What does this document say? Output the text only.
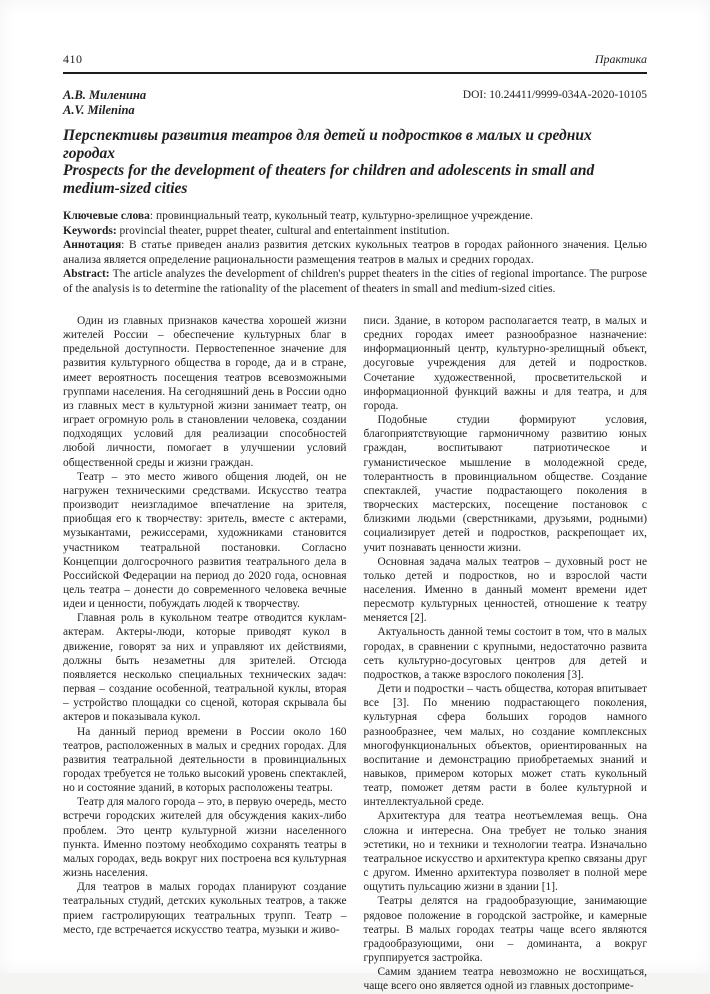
410	Практика
А.В. Миленина
A.V. Milenina
DOI: 10.24411/9999-034A-2020-10105
Перспективы развития театров для детей и подростков в малых и средних городах
Prospects for the development of theaters for children and adolescents in small and medium-sized cities

Ключевые слова: провинциальный театр, кукольный театр, культурно-зрелищное учреждение.

Keywords: provincial theater, puppet theater, cultural and entertainment institution.

Аннотация: В статье приведен анализ развития детских кукольных театров в городах районного значения. Целью анализа является определение рациональности размещения театров в малых и средних городах.

Abstract: The article analyzes the development of children's puppet theaters in the cities of regional importance. The purpose of the analysis is to determine the rationality of the placement of theaters in small and medium-sized cities.

Один из главных признаков качества хорошей жизни жителей России – обеспечение культурных благ в предельной доступности. Первостепенное значение для развития культурного общества в городе, да и в стране, имеет вероятность посещения театров всевозможными группами населения. На сегодняшний день в России одно из главных мест в культурной жизни занимает театр, он играет огромную роль в становлении человека, создании подходящих условий для реализации способностей любой личности, помогает в улучшении условий общественной среды и жизни граждан.

Театр – это место живого общения людей, он не нагружен техническими средствами. Искусство театра производит неизгладимое впечатление на зрителя, приобщая его к творчеству: зритель, вместе с актерами, музыкантами, режиссерами, художниками становится участником театральной постановки. Согласно Концепции долгосрочного развития театрального дела в Российской Федерации на период до 2020 года, основная цель театра – донести до современного человека вечные идеи и ценности, побуждать людей к творчеству.

Главная роль в кукольном театре отводится куклам-актерам. Актеры-люди, которые приводят кукол в движение, говорят за них и управляют их действиями, должны быть незаметны для зрителей. Отсюда появляется несколько специальных технических задач: первая – создание особенной, театральной куклы, вторая – устройство площадки со сценой, которая скрывала бы актеров и показывала кукол.

На данный период времени в России около 160 театров, расположенных в малых и средних городах. Для развития театральной деятельности в провинциальных городах требуется не только высокий уровень спектаклей, но и состояние зданий, в которых расположены театры.

Театр для малого города – это, в первую очередь, место встречи городских жителей для обсуждения каких-либо проблем. Это центр культурной жизни населенного пункта. Именно поэтому необходимо сохранять театры в малых городах, ведь вокруг них построена вся культурная жизнь населения.

Для театров в малых городах планируют создание театральных студий, детских кукольных театров, а также прием гастролирующих театральных трупп. Театр – место, где встречается искусство театра, музыки и живо-

писи. Здание, в котором располагается театр, в малых и средних городах имеет разнообразное назначение: информационный центр, культурно-зрелищный объект, досуговые учреждения для детей и подростков. Сочетание художественной, просветительской и информационной функций важны и для театра, и для города.

Подобные студии формируют условия, благоприятствующие гармоничному развитию юных граждан, воспитывают патриотическое и гуманистическое мышление в молодежной среде, толерантность в провинциальном обществе. Создание спектаклей, участие подрастающего поколения в творческих мастерских, посещение постановок с близкими людьми (сверстниками, друзьями, родными) социализирует детей и подростков, раскрепощает их, учит познавать ценности жизни.

Основная задача малых театров – духовный рост не только детей и подростков, но и взрослой части населения. Именно в данный момент времени идет пересмотр культурных ценностей, отношение к театру меняется [2].

Актуальность данной темы состоит в том, что в малых городах, в сравнении с крупными, недостаточно развита сеть культурно-досуговых центров для детей и подростков, а также взрослого поколения [3].

Дети и подростки – часть общества, которая впитывает все [3]. По мнению подрастающего поколения, культурная сфера больших городов намного разнообразнее, чем малых, но создание комплексных многофункциональных объектов, ориентированных на воспитание и демонстрацию приобретаемых знаний и навыков, примером которых может стать кукольный театр, поможет детям расти в более культурной и интеллектуальной среде.

Архитектура для театра неотъемлемая вещь. Она сложна и интересна. Она требует не только знания эстетики, но и техники и технологии театра. Изначально театральное искусство и архитектура крепко связаны друг с другом. Именно архитектура позволяет в полной мере ощутить пульсацию жизни в здании [1].

Театры делятся на градообразующие, занимающие рядовое положение в городской застройке, и камерные театры. В малых городах театры чаще всего являются градообразующими, они – доминанта, а вокруг группируется застройка.

Самим зданием театра невозможно не восхищаться, чаще всего оно является одной из главных достоприме-
